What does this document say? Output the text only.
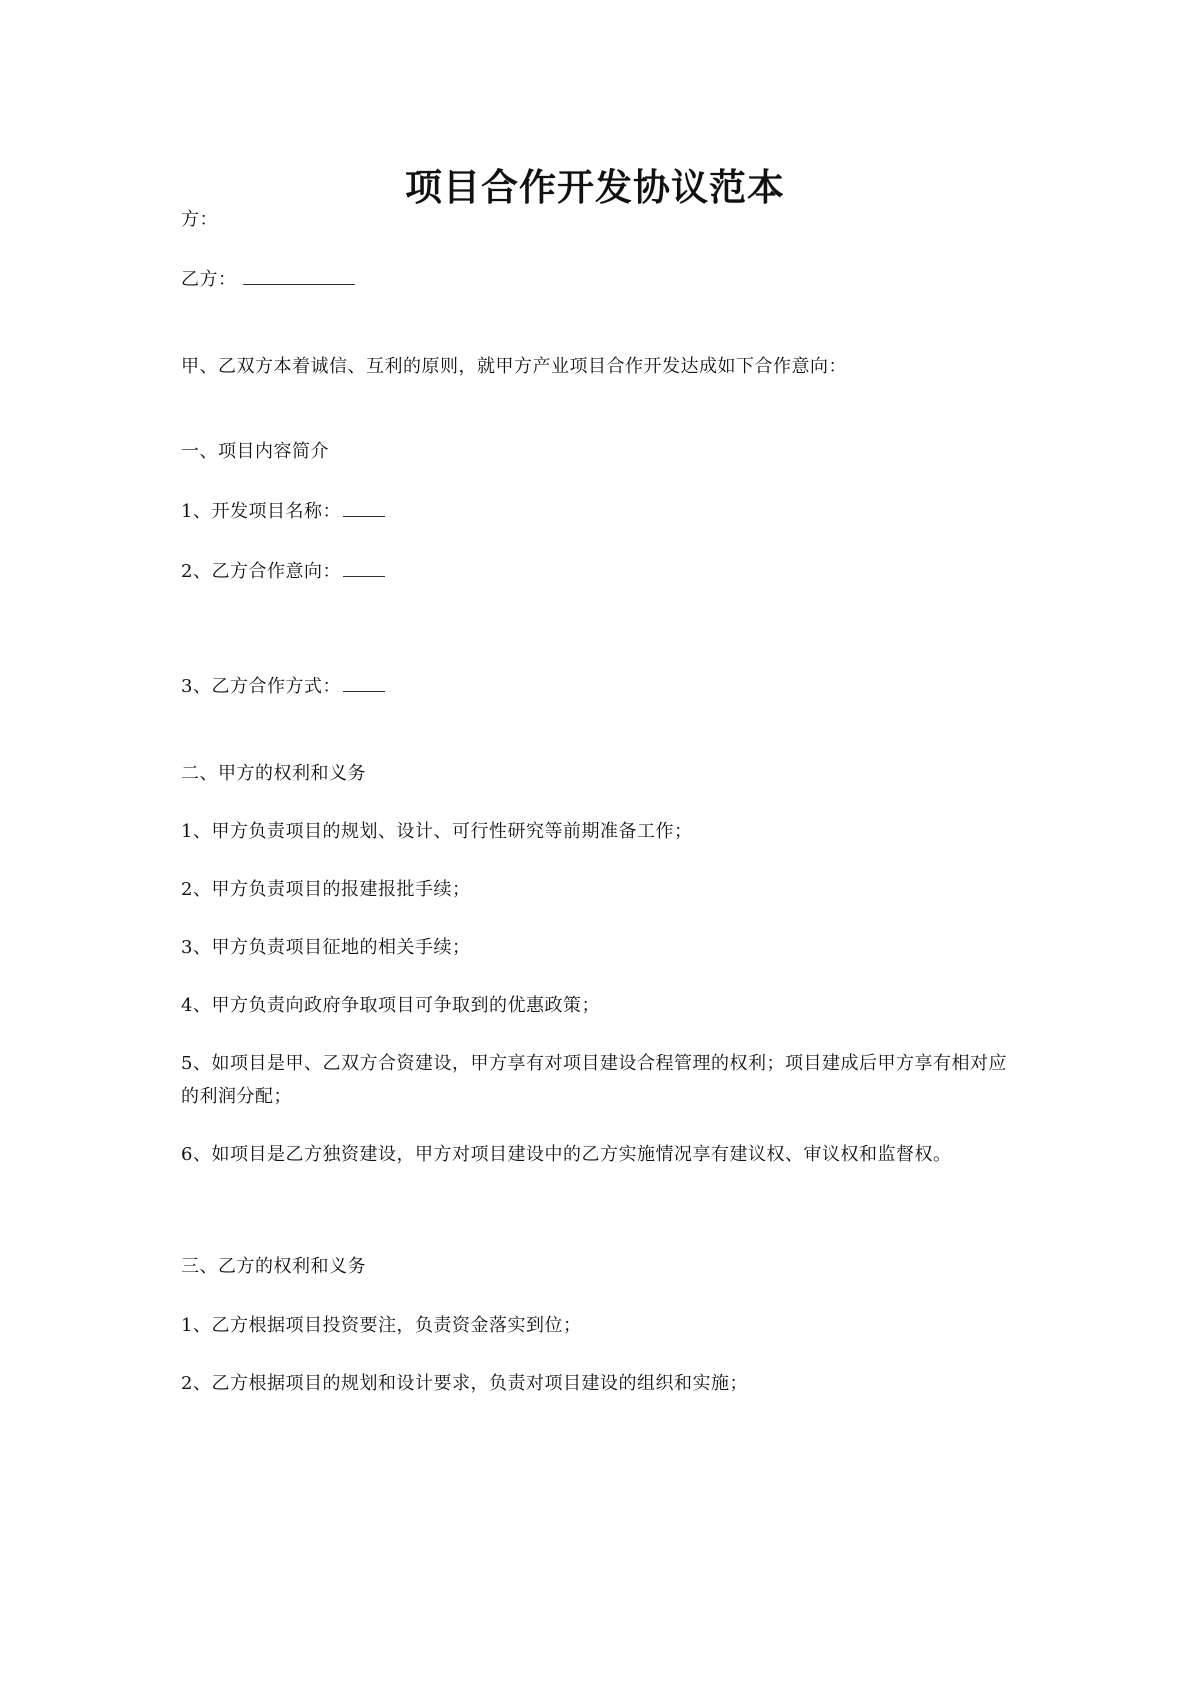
项目合作开发协议范本
方：
乙方：
甲、乙双方本着诚信、互利的原则，就甲方产业项目合作开发达成如下合作意向：
一、项目内容简介
1、开发项目名称：
2、乙方合作意向：
3、乙方合作方式：
二、甲方的权利和义务
1、甲方负责项目的规划、设计、可行性研究等前期准备工作；
2、甲方负责项目的报建报批手续；
3、甲方负责项目征地的相关手续；
4、甲方负责向政府争取项目可争取到的优惠政策；
5、如项目是甲、乙双方合资建设，甲方享有对项目建设合程管理的权利；项目建成后甲方享有相对应的利润分配；
6、如项目是乙方独资建设，甲方对项目建设中的乙方实施情况享有建议权、审议权和监督权。
三、乙方的权利和义务
1、乙方根据项目投资要注，负责资金落实到位；
2、乙方根据项目的规划和设计要求，负责对项目建设的组织和实施；
